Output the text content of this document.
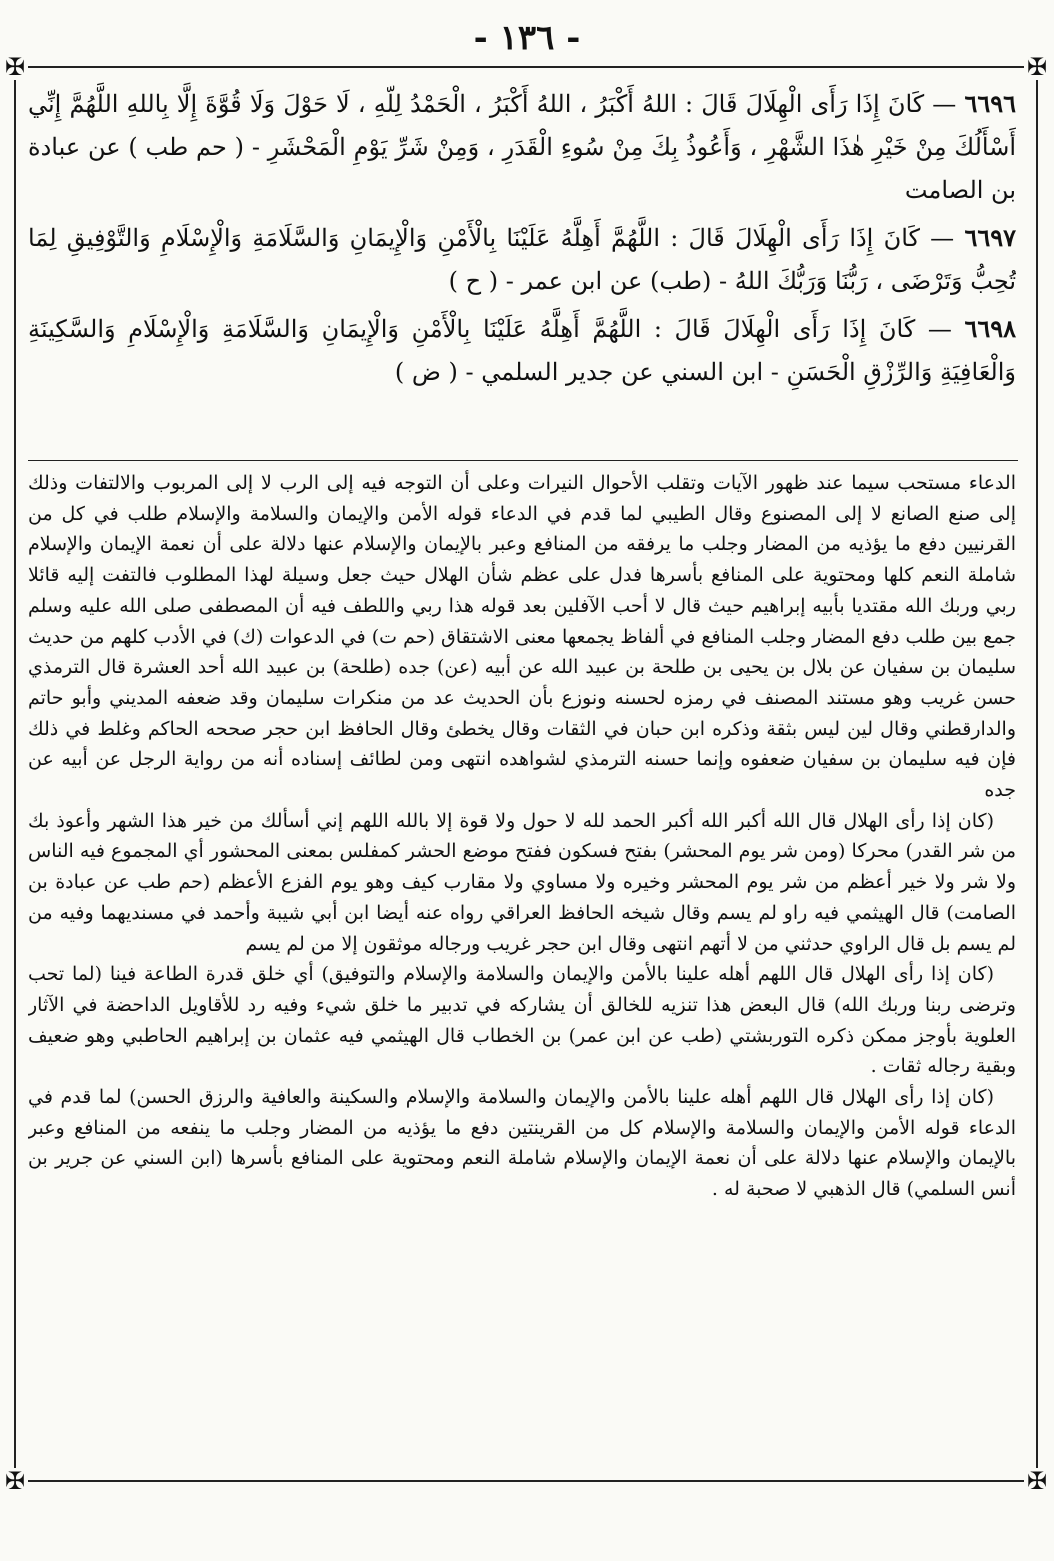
- ١٣٦ -
✠	✠
✠	✠

٦٦٩٦ — كَانَ إِذَا رَأَى الْهِلَالَ قَالَ : اللهُ أَكْبَرُ ، اللهُ أَكْبَرُ ، الْحَمْدُ لِلّهِ ، لَا حَوْلَ وَلَا قُوَّةَ إِلَّا بِاللهِ اللَّهُمَّ إِنِّي أَسْأَلُكَ مِنْ خَيْرِ هٰذَا الشَّهْرِ ، وَأَعُوذُ بِكَ مِنْ سُوءِ الْقَدَرِ ، وَمِنْ شَرِّ يَوْمِ الْمَحْشَرِ - ( حم طب ) عن عبادة بن الصامت

٦٦٩٧ — كَانَ إِذَا رَأَى الْهِلَالَ قَالَ : اللَّهُمَّ أَهِلَّهُ عَلَيْنَا بِالْأَمْنِ وَالْإِيمَانِ وَالسَّلَامَةِ وَالْإِسْلَامِ وَالتَّوْفِيقِ لِمَا تُحِبُّ وَتَرْضَى ، رَبُّنَا وَرَبُّكَ اللهُ - (طب) عن ابن عمر - ( ح )

٦٦٩٨ — كَانَ إِذَا رَأَى الْهِلَالَ قَالَ : اللَّهُمَّ أَهِلَّهُ عَلَيْنَا بِالْأَمْنِ وَالْإِيمَانِ وَالسَّلَامَةِ وَالْإِسْلَامِ وَالسَّكِينَةِ وَالْعَافِيَةِ وَالرِّزْقِ الْحَسَنِ - ابن السني عن جدير السلمي - ( ض )

الدعاء مستحب سيما عند ظهور الآيات وتقلب الأحوال النيرات وعلى أن التوجه فيه إلى الرب لا إلى المربوب والالتفات وذلك إلى صنع الصانع لا إلى المصنوع وقال الطيبي لما قدم في الدعاء قوله الأمن والإيمان والسلامة والإسلام طلب في كل من القرنيين دفع ما يؤذيه من المضار وجلب ما يرفقه من المنافع وعبر بالإيمان والإسلام عنها دلالة على أن نعمة الإيمان والإسلام شاملة النعم كلها ومحتوية على المنافع بأسرها فدل على عظم شأن الهلال حيث جعل وسيلة لهذا المطلوب فالتفت إليه قائلا ربي وربك الله مقتديا بأبيه إبراهيم حيث قال لا أحب الآفلين بعد قوله هذا ربي واللطف فيه أن المصطفى صلى الله عليه وسلم جمع بين طلب دفع المضار وجلب المنافع في ألفاظ يجمعها معنى الاشتقاق (حم ت) في الدعوات (ك) في الأدب كلهم من حديث سليمان بن سفيان عن بلال بن يحيى بن طلحة بن عبيد الله عن أبيه (عن) جده (طلحة) بن عبيد الله أحد العشرة قال الترمذي حسن غريب وهو مستند المصنف في رمزه لحسنه ونوزع بأن الحديث عد من منكرات سليمان وقد ضعفه المديني وأبو حاتم والدارقطني وقال لين ليس بثقة وذكره ابن حبان في الثقات وقال يخطئ وقال الحافظ ابن حجر صححه الحاكم وغلط في ذلك فإن فيه سليمان بن سفيان ضعفوه وإنما حسنه الترمذي لشواهده انتهى ومن لطائف إسناده أنه من رواية الرجل عن أبيه عن جده

(كان إذا رأى الهلال قال الله أكبر الله أكبر الحمد لله لا حول ولا قوة إلا بالله اللهم إني أسألك من خير هذا الشهر وأعوذ بك من شر القدر) محركا (ومن شر يوم المحشر) بفتح فسكون ففتح موضع الحشر كمفلس بمعنى المحشور أي المجموع فيه الناس ولا شر ولا خير أعظم من شر يوم المحشر وخيره ولا مساوي ولا مقارب كيف وهو يوم الفزع الأعظم (حم طب عن عبادة بن الصامت) قال الهيثمي فيه راو لم يسم وقال شيخه الحافظ العراقي رواه عنه أيضا ابن أبي شيبة وأحمد في مسنديهما وفيه من لم يسم بل قال الراوي حدثني من لا أتهم انتهى وقال ابن حجر غريب ورجاله موثقون إلا من لم يسم

(كان إذا رأى الهلال قال اللهم أهله علينا بالأمن والإيمان والسلامة والإسلام والتوفيق) أي خلق قدرة الطاعة فينا (لما تحب وترضى ربنا وربك الله) قال البعض هذا تنزيه للخالق أن يشاركه في تدبير ما خلق شيء وفيه رد للأقاويل الداحضة في الآثار العلوية بأوجز ممكن ذكره التوربشتي (طب عن ابن عمر) بن الخطاب قال الهيثمي فيه عثمان بن إبراهيم الحاطبي وهو ضعيف وبقية رجاله ثقات .

(كان إذا رأى الهلال قال اللهم أهله علينا بالأمن والإيمان والسلامة والإسلام والسكينة والعافية والرزق الحسن) لما قدم في الدعاء قوله الأمن والإيمان والسلامة والإسلام كل من القرينتين دفع ما يؤذيه من المضار وجلب ما ينفعه من المنافع وعبر بالإيمان والإسلام عنها دلالة على أن نعمة الإيمان والإسلام شاملة النعم ومحتوية على المنافع بأسرها (ابن السني عن جرير بن أنس السلمي) قال الذهبي لا صحبة له .
